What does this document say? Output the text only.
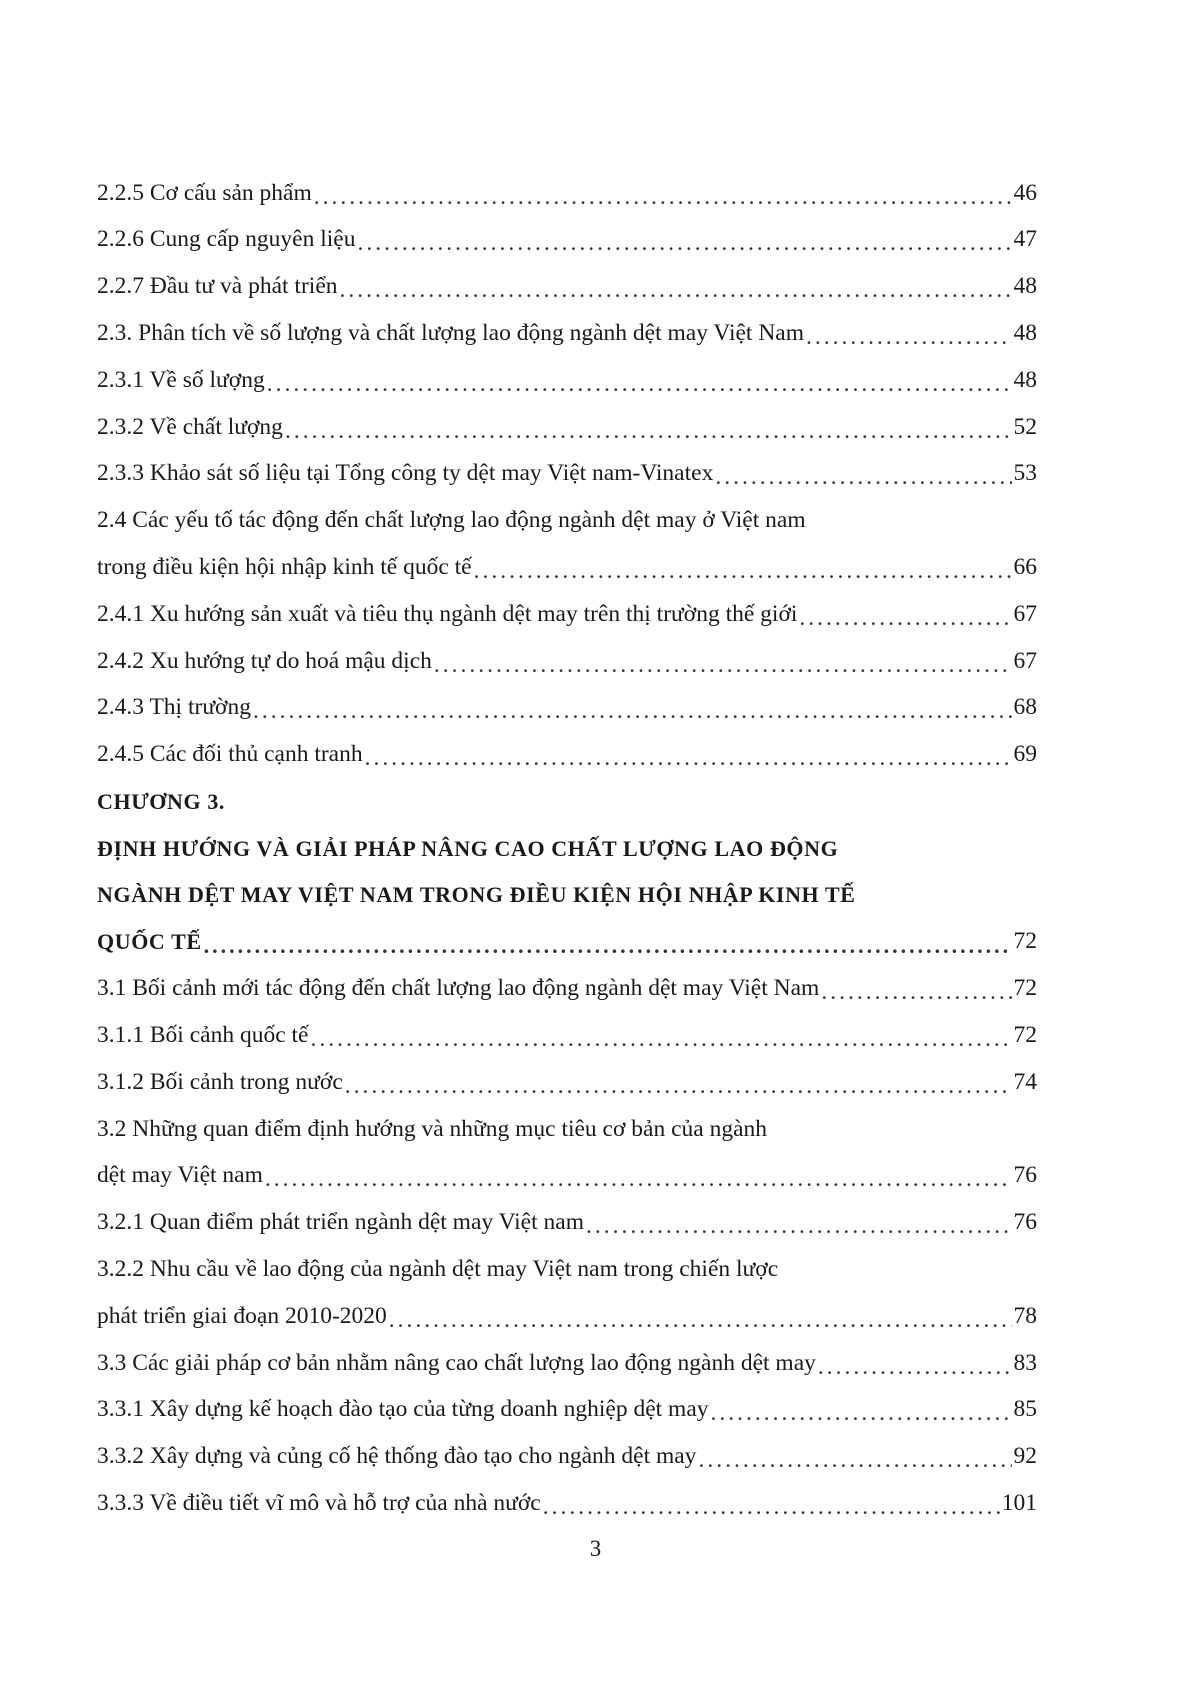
2.2.5 Cơ cấu sản phẩm .....	46
2.2.6 Cung cấp nguyên liệu .....	47
2.2.7 Đầu tư và phát triển .....	48
2.3. Phân tích về số lượng và chất lượng lao động ngành dệt may Việt Nam .....	48
2.3.1 Về số lượng .....	48
2.3.2 Về chất lượng .....	52
2.3.3 Khảo sát số liệu tại Tổng công ty dệt may Việt nam-Vinatex .....	53
2.4 Các yếu tố tác động đến chất lượng lao động ngành dệt may ở Việt nam
trong điều kiện hội nhập kinh tế quốc tế .....	66
2.4.1 Xu hướng sản xuất và tiêu thụ ngành dệt may trên thị trường thế giới .....	67
2.4.2 Xu hướng tự do hoá mậu dịch .....	67
2.4.3 Thị trường .....	68
2.4.5 Các đối thủ cạnh tranh .....	69
CHƯƠNG 3.
ĐỊNH HƯỚNG VÀ GIẢI PHÁP NÂNG CAO CHẤT LƯỢNG LAO ĐỘNG
NGÀNH DỆT MAY VIỆT NAM TRONG ĐIỀU KIỆN HỘI NHẬP KINH TẾ
QUỐC TẾ .....	72
3.1 Bối cảnh mới tác động đến chất lượng lao động ngành dệt may Việt Nam .....	72
3.1.1 Bối cảnh quốc tế .....	72
3.1.2 Bối cảnh trong nước .....	74
3.2 Những quan điểm định hướng và những mục tiêu cơ bản của ngành
dệt may Việt nam .....	76
3.2.1 Quan điểm phát triển ngành dệt may Việt nam .....	76
3.2.2 Nhu cầu về lao động của ngành dệt may Việt nam trong chiến lược
phát triển giai đoạn 2010-2020 .....	78
3.3 Các giải pháp cơ bản nhằm nâng cao chất lượng lao động ngành dệt may .....	83
3.3.1 Xây dựng kế hoạch đào tạo của từng doanh nghiệp dệt may .....	85
3.3.2 Xây dựng và củng cố hệ thống đào tạo cho ngành dệt may .....	92
3.3.3 Về điều tiết vĩ mô và hỗ trợ của nhà nước .....	101
3
